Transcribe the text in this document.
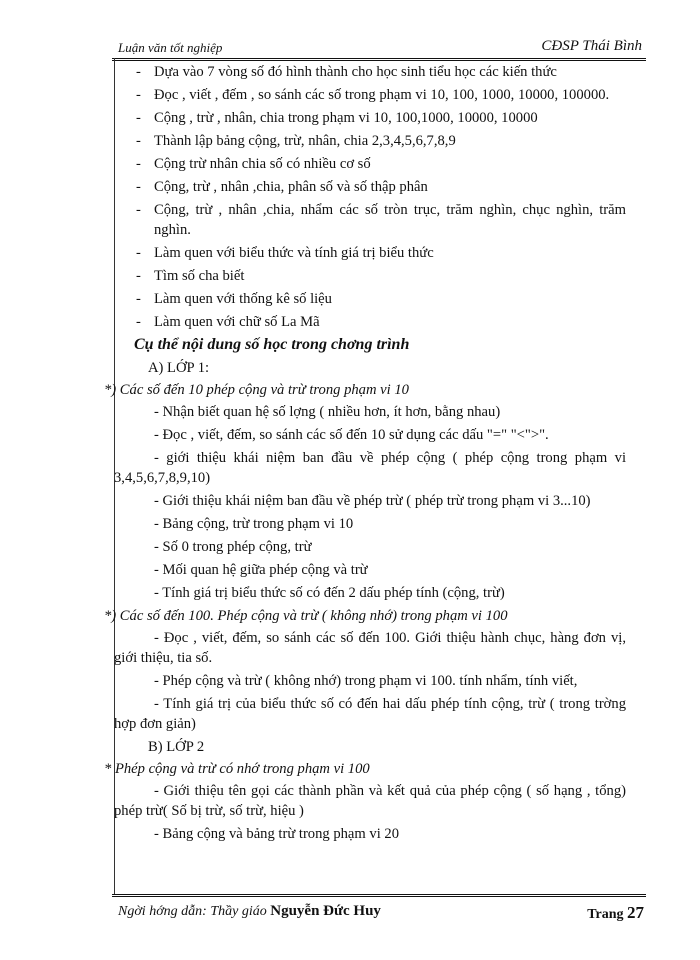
Luận văn tốt nghiệp	CĐSP Thái Bình
- Dựa vào 7 vòng số đó hình thành cho học sinh tiểu học các kiến thức
- Đọc , viết , đếm , so sánh các số trong phạm vi 10, 100, 1000, 10000, 100000.
- Cộng , trừ , nhân, chia trong phạm vi 10, 100,1000, 10000, 10000
- Thành lập bảng cộng, trừ, nhân, chia 2,3,4,5,6,7,8,9
- Cộng trừ nhân chia số có nhiều cơ số
- Cộng, trừ , nhân ,chia, phân số và số thập phân
- Cộng, trừ , nhân ,chia, nhẩm các số tròn trục, trăm nghìn, chục nghìn, trăm nghìn.
- Làm quen với biểu thức và tính giá trị biểu thức
- Tìm số cha biết
- Làm quen với thống kê số liệu
- Làm quen với chữ số La Mã
Cụ thể nội dung số học trong chơng trình
A) LỚP 1:
*) Các số đến 10 phép cộng và trừ trong phạm vi 10
- Nhận biết quan hệ số lợng ( nhiều hơn, ít hơn, bằng nhau)
- Đọc , viết, đếm, so sánh các số đến 10 sử dụng các dấu "=" "<">".
- giới thiệu khái niệm ban đầu về phép cộng ( phép cộng trong phạm vi 3,4,5,6,7,8,9,10)
- Giới thiệu khái niệm ban đầu về phép trừ ( phép trừ trong phạm vi 3...10)
- Bảng cộng, trừ trong phạm vi 10
- Số 0 trong phép cộng, trừ
- Mối quan hệ giữa phép cộng và trừ
- Tính giá trị biểu thức số có đến 2 dấu phép tính (cộng, trừ)
*) Các số đến 100. Phép cộng và trừ ( không nhớ) trong phạm vi 100
- Đọc , viết, đếm, so sánh các số đến 100. Giới thiệu hành chục, hàng đơn vị, giới thiệu, tia số.
- Phép cộng và trừ ( không nhớ) trong phạm vi 100. tính nhẩm, tính viết,
- Tính giá trị của biểu thức số có đến hai dấu phép tính cộng, trừ ( trong trờng hợp đơn giản)
B) LỚP 2
* Phép cộng và trừ có nhớ trong phạm vi 100
- Giới thiệu tên gọi các thành phần và kết quả của phép cộng ( số hạng , tổng) phép trừ( Số bị trừ, số trừ, hiệu )
- Bảng cộng và bảng trừ trong phạm vi 20
Ngời hớng dẫn: Thầy giáo Nguyễn Đức Huy	Trang 27
